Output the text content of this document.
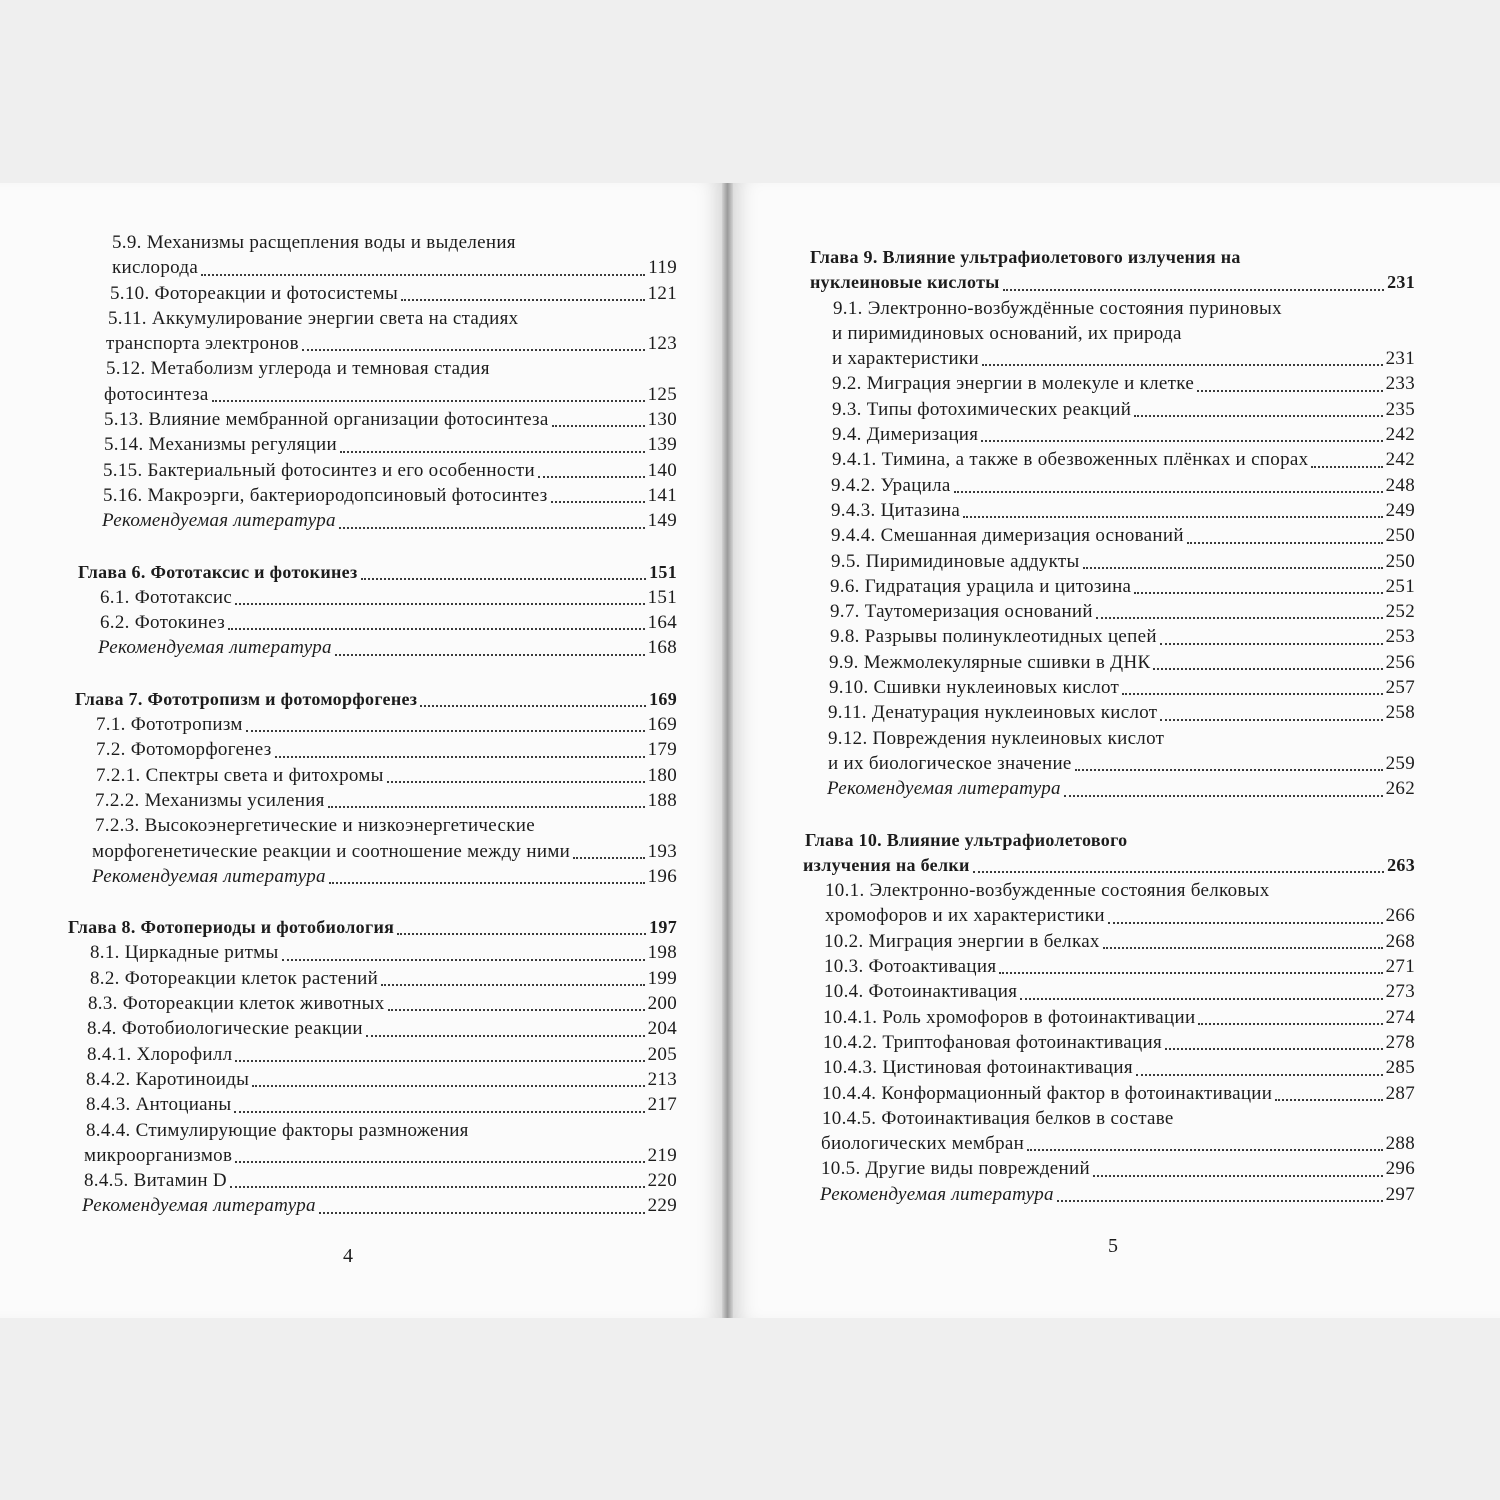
5.9. Механизмы расщепления воды и выделения
кислорода	119
5.10. Фотореакции и фотосистемы	121
5.11. Аккумулирование энергии света на стадиях
транспорта электронов	123
5.12. Метаболизм углерода и темновая стадия
фотосинтеза	125
5.13. Влияние мембранной организации фотосинтеза	130
5.14. Механизмы регуляции	139
5.15. Бактериальный фотосинтез и его особенности	140
5.16. Макроэрги, бактериородопсиновый фотосинтез	141
Рекомендуемая литература	149
Глава 6. Фототаксис и фотокинез	151
6.1. Фототаксис	151
6.2. Фотокинез	164
Рекомендуемая литература	168
Глава 7. Фототропизм и фотоморфогенез	169
7.1. Фототропизм	169
7.2. Фотоморфогенез	179
7.2.1. Спектры света и фитохромы	180
7.2.2. Механизмы усиления	188
7.2.3. Высокоэнергетические и низкоэнергетические
морфогенетические реакции и соотношение между ними	193
Рекомендуемая литература	196
Глава 8. Фотопериоды и фотобиология	197
8.1. Циркадные ритмы	198
8.2. Фотореакции клеток растений	199
8.3. Фотореакции клеток животных	200
8.4. Фотобиологические реакции	204
8.4.1. Хлорофилл	205
8.4.2. Каротиноиды	213
8.4.3. Антоцианы	217
8.4.4. Стимулирующие факторы размножения
микроорганизмов	219
8.4.5. Витамин D	220
Рекомендуемая литература	229
4
Глава 9. Влияние ультрафиолетового излучения на
нуклеиновые кислоты	231
9.1. Электронно-возбуждённые состояния пуриновых
и пиримидиновых оснований, их природа
и характеристики	231
9.2. Миграция энергии в молекуле и клетке	233
9.3. Типы фотохимических реакций	235
9.4. Димеризация	242
9.4.1. Тимина, а также в обезвоженных плёнках и спорах	242
9.4.2. Урацила	248
9.4.3. Цитазина	249
9.4.4. Смешанная димеризация оснований	250
9.5. Пиримидиновые аддукты	250
9.6. Гидратация урацила и цитозина	251
9.7. Таутомеризация оснований	252
9.8. Разрывы полинуклеотидных цепей	253
9.9. Межмолекулярные сшивки в ДНК	256
9.10. Сшивки нуклеиновых кислот	257
9.11. Денатурация нуклеиновых кислот	258
9.12. Повреждения нуклеиновых кислот
и их биологическое значение	259
Рекомендуемая литература	262
Глава 10. Влияние ультрафиолетового
излучения на белки	263
10.1. Электронно-возбужденные состояния белковых
хромофоров и их характеристики	266
10.2. Миграция энергии в белках	268
10.3. Фотоактивация	271
10.4. Фотоинактивация	273
10.4.1. Роль хромофоров в фотоинактивации	274
10.4.2. Триптофановая фотоинактивация	278
10.4.3. Цистиновая фотоинактивация	285
10.4.4. Конформационный фактор в фотоинактивации	287
10.4.5. Фотоинактивация белков в составе
биологических мембран	288
10.5. Другие виды повреждений	296
Рекомендуемая литература	297
5
